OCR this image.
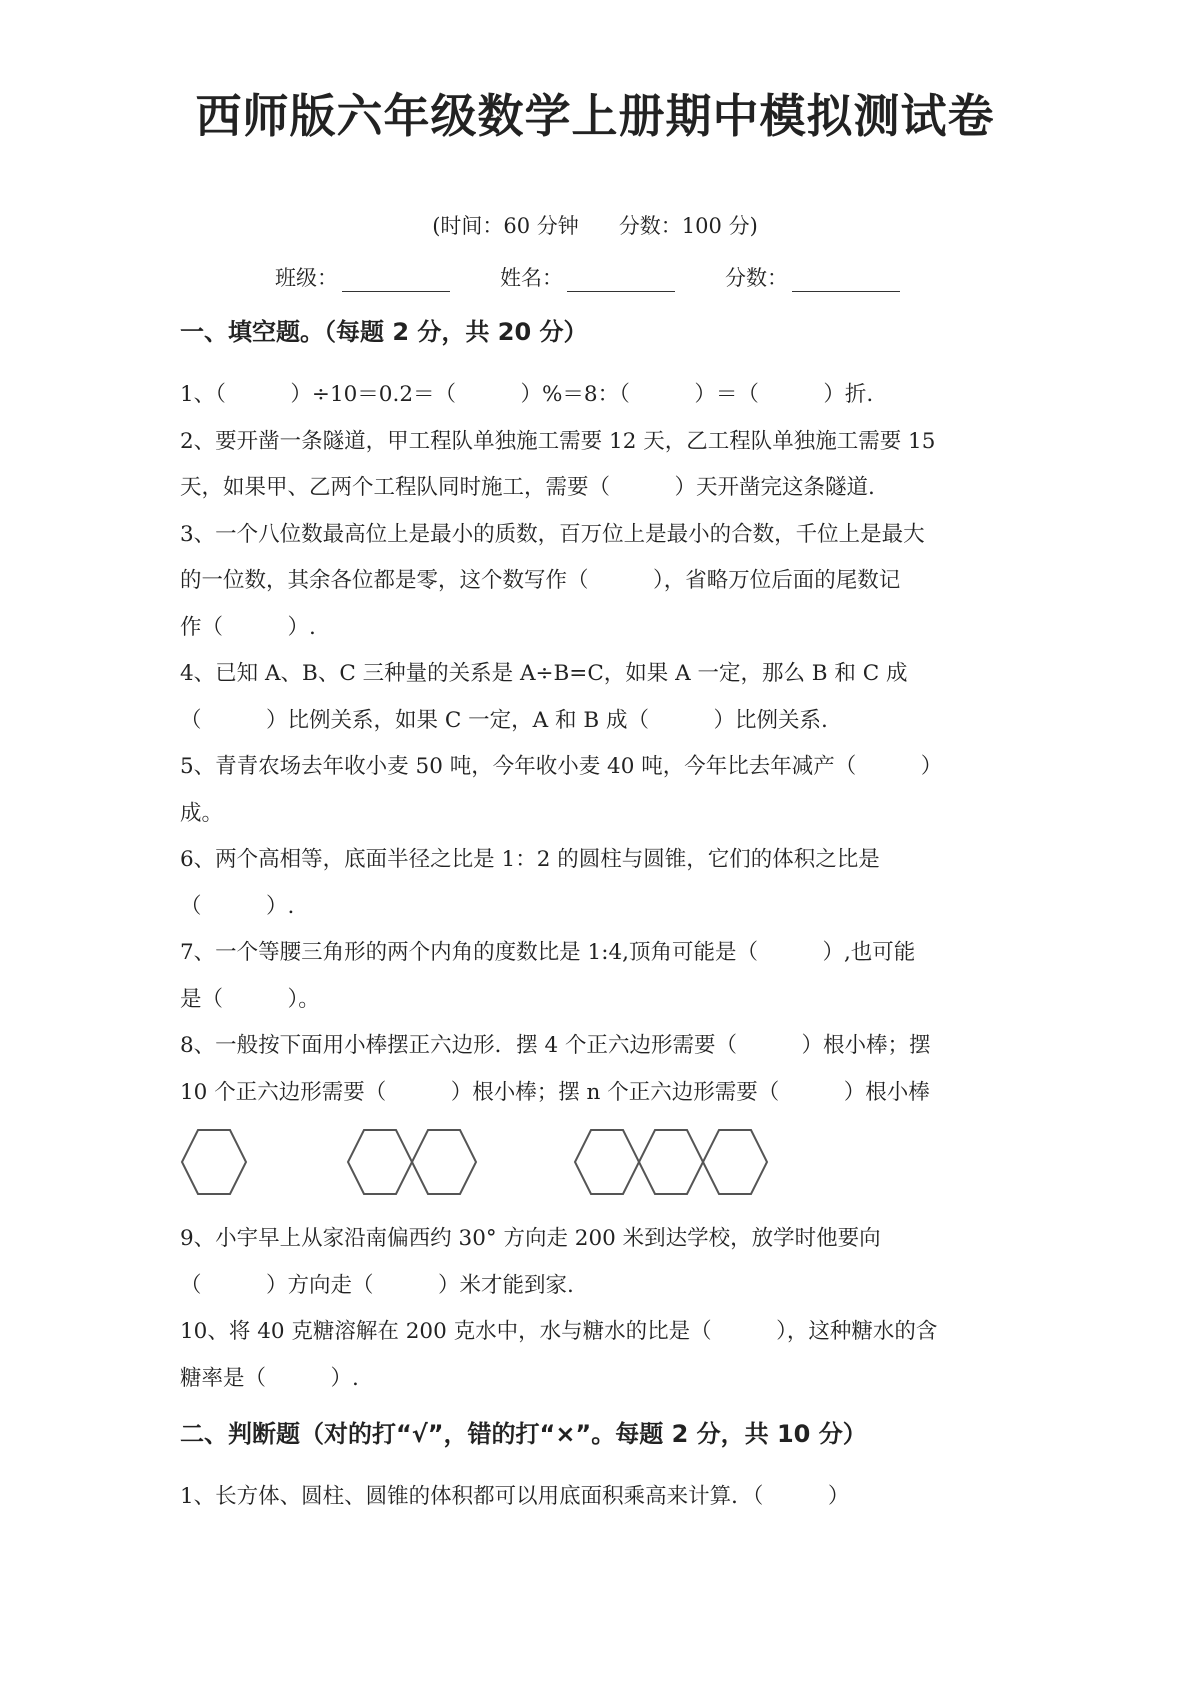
西师版六年级数学上册期中模拟测试卷
(时间：60 分钟 分数：100 分)
班级：	姓名：	分数：
一、填空题。（每题 2 分，共 20 分）

1、（　　　）÷10＝0.2＝（　　　）%＝8：（　　　）＝（　　　）折.

2、要开凿一条隧道，甲工程队单独施工需要 12 天，乙工程队单独施工需要 15

天，如果甲、乙两个工程队同时施工，需要（　　　）天开凿完这条隧道.

3、一个八位数最高位上是最小的质数，百万位上是最小的合数，千位上是最大

的一位数，其余各位都是零，这个数写作（　　　），省略万位后面的尾数记

作（　　　）.

4、已知 A、B、C 三种量的关系是 A÷B=C，如果 A 一定，那么 B 和 C 成

（　　　）比例关系，如果 C 一定，A 和 B 成（　　　）比例关系.

5、青青农场去年收小麦 50 吨，今年收小麦 40 吨，今年比去年减产（　　　）

成。

6、两个高相等，底面半径之比是 1：2 的圆柱与圆锥，它们的体积之比是

（　　　）.

7、一个等腰三角形的两个内角的度数比是 1:4,顶角可能是（　　　）,也可能

是（　　　）。

8、一般按下面用小棒摆正六边形．摆 4 个正六边形需要（　　　）根小棒；摆

10 个正六边形需要（　　　）根小棒；摆 n 个正六边形需要（　　　）根小棒

9、小宇早上从家沿南偏西约 30° 方向走 200 米到达学校，放学时他要向

（　　　）方向走（　　　）米才能到家.

10、将 40 克糖溶解在 200 克水中，水与糖水的比是（　　　），这种糖水的含

糖率是（　　　）.

二、判断题（对的打“√”，错的打“×”。每题 2 分，共 10 分）

1、长方体、圆柱、圆锥的体积都可以用底面积乘高来计算．（　　　）
